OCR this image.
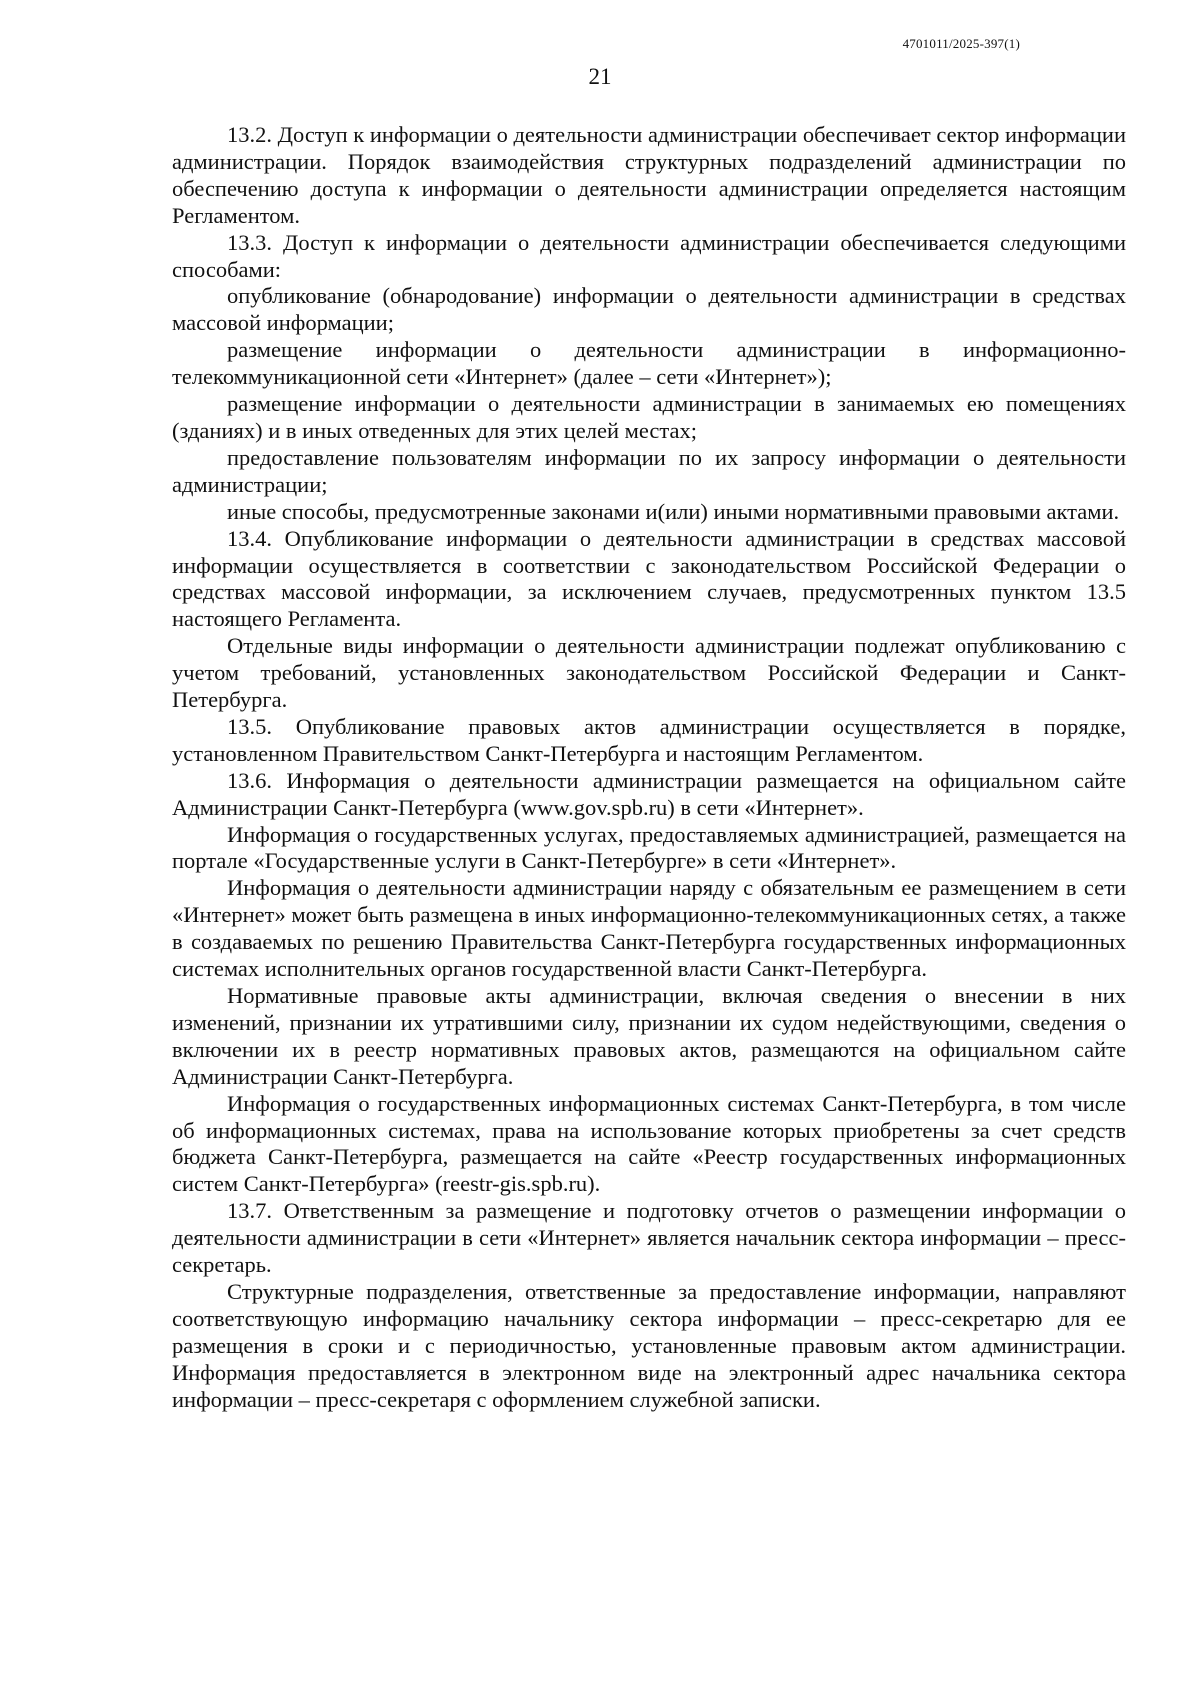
4701011/2025-397(1)
21

13.2. Доступ к информации о деятельности администрации обеспечивает сектор информации администрации. Порядок взаимодействия структурных подразделений администрации по обеспечению доступа к информации о деятельности администрации определяется настоящим Регламентом.

13.3. Доступ к информации о деятельности администрации обеспечивается следующими способами:

опубликование (обнародование) информации о деятельности администрации в средствах массовой информации;

размещение информации о деятельности администрации в информационно-телекоммуникационной сети «Интернет» (далее – сети «Интернет»);

размещение информации о деятельности администрации в занимаемых ею помещениях (зданиях) и в иных отведенных для этих целей местах;

предоставление пользователям информации по их запросу информации о деятельности администрации;

иные способы, предусмотренные законами и(или) иными нормативными правовыми актами.

13.4. Опубликование информации о деятельности администрации в средствах массовой информации осуществляется в соответствии с законодательством Российской Федерации о средствах массовой информации, за исключением случаев, предусмотренных пунктом 13.5 настоящего Регламента.

Отдельные виды информации о деятельности администрации подлежат опубликованию с учетом требований, установленных законодательством Российской Федерации и Санкт-Петербурга.

13.5. Опубликование правовых актов администрации осуществляется в порядке, установленном Правительством Санкт-Петербурга и настоящим Регламентом.

13.6. Информация о деятельности администрации размещается на официальном сайте Администрации Санкт-Петербурга (www.gov.spb.ru) в сети «Интернет».

Информация о государственных услугах, предоставляемых администрацией, размещается на портале «Государственные услуги в Санкт-Петербурге» в сети «Интернет».

Информация о деятельности администрации наряду с обязательным ее размещением в сети «Интернет» может быть размещена в иных информационно-телекоммуникационных сетях, а также в создаваемых по решению Правительства Санкт-Петербурга государственных информационных системах исполнительных органов государственной власти Санкт-Петербурга.

Нормативные правовые акты администрации, включая сведения о внесении в них изменений, признании их утратившими силу, признании их судом недействующими, сведения о включении их в реестр нормативных правовых актов, размещаются на официальном сайте Администрации Санкт-Петербурга.

Информация о государственных информационных системах Санкт-Петербурга, в том числе об информационных системах, права на использование которых приобретены за счет средств бюджета Санкт-Петербурга, размещается на сайте «Реестр государственных информационных систем Санкт-Петербурга» (reestr-gis.spb.ru).

13.7. Ответственным за размещение и подготовку отчетов о размещении информации о деятельности администрации в сети «Интернет» является начальник сектора информации – пресс-секретарь.

Структурные подразделения, ответственные за предоставление информации, направляют соответствующую информацию начальнику сектора информации – пресс-секретарю для ее размещения в сроки и с периодичностью, установленные правовым актом администрации. Информация предоставляется в электронном виде на электронный адрес начальника сектора информации – пресс-секретаря с оформлением служебной записки.
